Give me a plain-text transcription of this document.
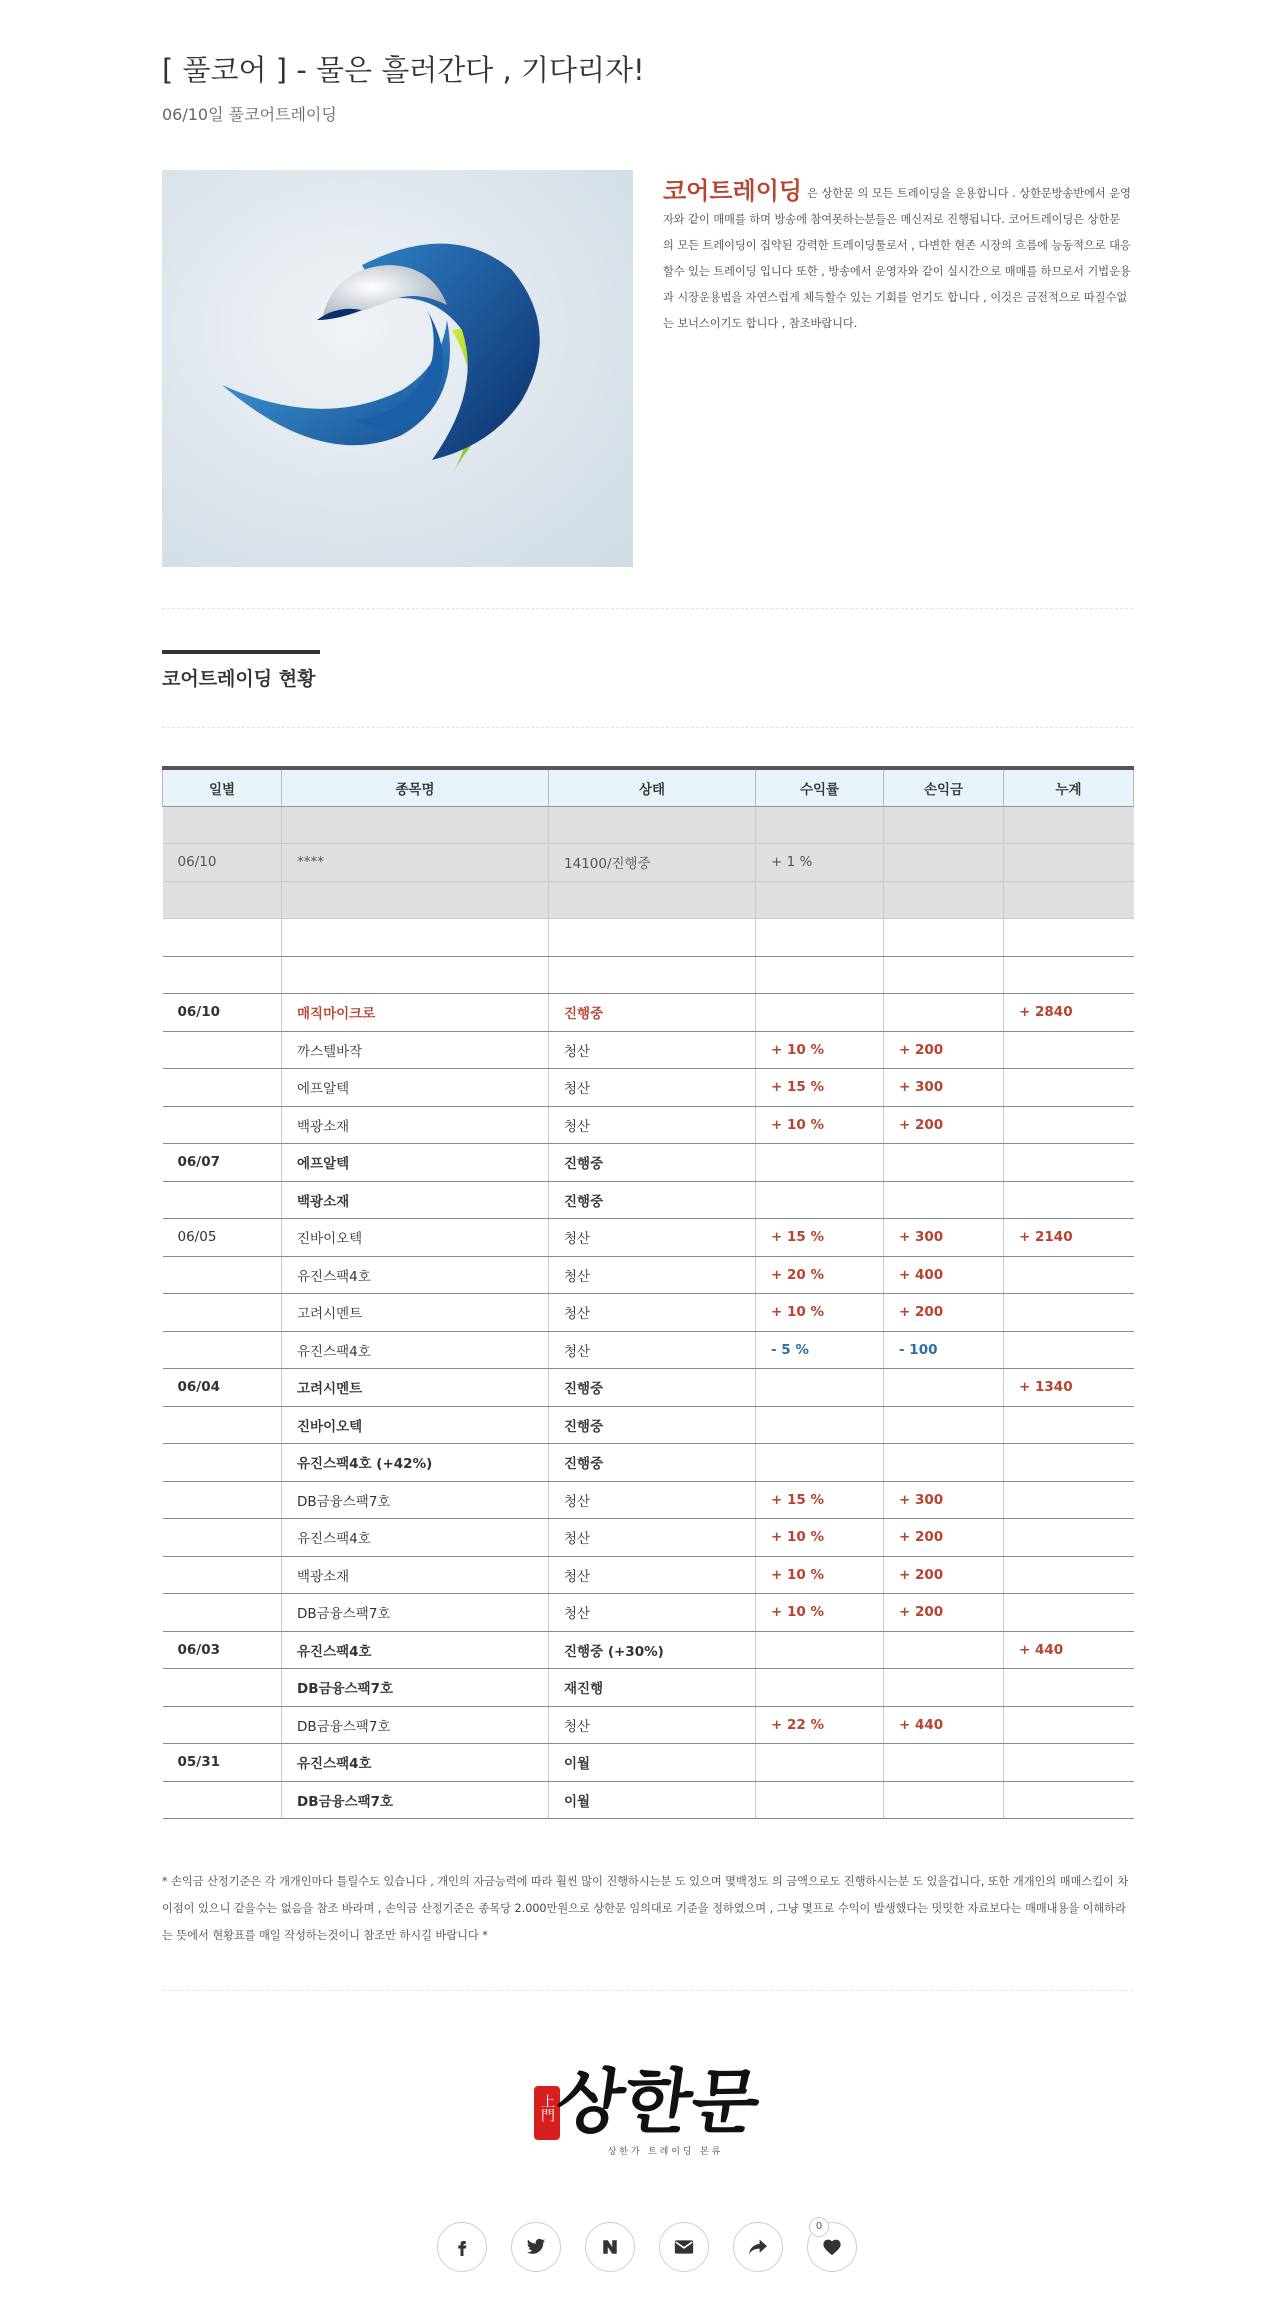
[ 풀코어 ] - 물은 흘러간다 , 기다리자!
06/10일 풀코어트레이딩
코어트레이딩 은 상한문 의 모든 트레이딩을 운용합니다 . 상한문방송반에서 운영자와 같이 매매를 하며 방송에 참여못하는분들은 메신저로 진행됩니다. 코어트레이딩은 상한문 의 모든 트레이딩이 집약된 강력한 트레이딩툴로서 , 다변한 현존 시장의 흐름에 능동적으로 대응할수 있는 트레이딩 입니다 또한 , 방송에서 운영자와 같이 실시간으로 매매를 하므로서 기법운용 과 시장운용법을 자연스럽게 체득할수 있는 기회를 얻기도 합니다 , 이것은 금전적으로 따질수없는 보너스이기도 합니다 , 참조바랍니다.
코어트레이딩 현황
일별	종목명	상태	수익률	손익금	누계

06/10	****	14100/진행중	+ 1 %		

06/10	매직마이크로	진행중			+ 2840
	까스텔바작	청산	+ 10 %	+ 200	
	에프알텍	청산	+ 15 %	+ 300	
	백광소재	청산	+ 10 %	+ 200	
06/07	에프알텍	진행중			
	백광소재	진행중			
06/05	진바이오텍	청산	+ 15 %	+ 300	+ 2140
	유진스팩4호	청산	+ 20 %	+ 400	
	고려시멘트	청산	+ 10 %	+ 200	
	유진스팩4호	청산	- 5 %	- 100	
06/04	고려시멘트	진행중			+ 1340
	진바이오텍	진행중			
	유진스팩4호 (+42%)	진행중			
	DB금융스팩7호	청산	+ 15 %	+ 300	
	유진스팩4호	청산	+ 10 %	+ 200	
	백광소재	청산	+ 10 %	+ 200	
	DB금융스팩7호	청산	+ 10 %	+ 200	
06/03	유진스팩4호	진행중 (+30%)			+ 440
	DB금융스팩7호	재진행			
	DB금융스팩7호	청산	+ 22 %	+ 440	
05/31	유진스팩4호	이월			
	DB금융스팩7호	이월			
* 손익금 산정기준은 각 개개인마다 틀릴수도 있습니다 , 개인의 자금능력에 따라 훨씬 많이 진행하시는분 도 있으며 몇백정도 의 금액으로도 진행하시는분 도 있을겁니다, 또한 개개인의 매매스킬이 차이점이 있으니 같을수는 없음을 참조 바라며 , 손익금 산정기준은 종목당 2.000만원으로 상한문 임의대로 기준을 정하였으며 , 그냥 몇프로 수익이 발생했다는 밋밋한 자료보다는 매매내용을 이해하라는 뜻에서 현황표를 매일 작성하는것이니 참조만 하시길 바랍니다 *
上門
상한문
상 한 가   트 레 이 딩   본 류
0
